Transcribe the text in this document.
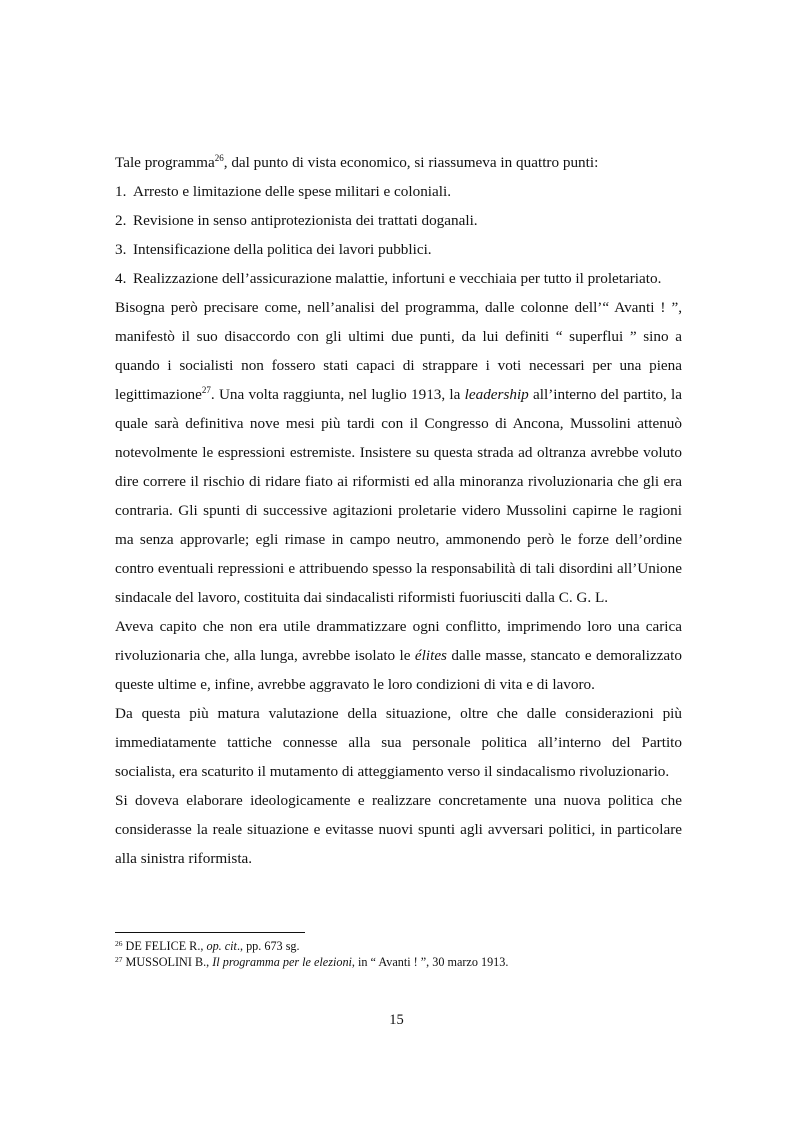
Tale programma$^{26}$, dal punto di vista economico, si riassumeva in quattro punti:

1. Arresto e limitazione delle spese militari e coloniali.

2. Revisione in senso antiprotezionista dei trattati doganali.

3. Intensificazione della politica dei lavori pubblici.

4. Realizzazione dell’assicurazione malattie, infortuni e vecchiaia per tutto il proletariato.

Bisogna però precisare come, nell’analisi del programma, dalle colonne dell’“ Avanti ! ”,

manifestò il suo disaccordo con gli ultimi due punti, da lui definiti “ superflui ” sino a

quando i socialisti non fossero stati capaci di strappare i voti necessari per una piena

legittimazione$^{27}$. Una volta raggiunta, nel luglio 1913, la leadership all’interno del partito, la

quale sarà definitiva nove mesi più tardi con il Congresso di Ancona, Mussolini attenuò

notevolmente le espressioni estremiste. Insistere su questa strada ad oltranza avrebbe voluto

dire correre il rischio di ridare fiato ai riformisti ed alla minoranza rivoluzionaria che gli era

contraria. Gli spunti di successive agitazioni proletarie videro Mussolini capirne le ragioni

ma senza approvarle; egli rimase in campo neutro, ammonendo però le forze dell’ordine

contro eventuali repressioni e attribuendo spesso la responsabilità di tali disordini all’Unione

sindacale del lavoro, costituita dai sindacalisti riformisti fuoriusciti dalla C. G. L.

Aveva capito che non era utile drammatizzare ogni conflitto, imprimendo loro una carica

rivoluzionaria che, alla lunga, avrebbe isolato le élites dalle masse, stancato e demoralizzato

queste ultime e, infine, avrebbe aggravato le loro condizioni di vita e di lavoro.

Da questa più matura valutazione della situazione, oltre che dalle considerazioni più

immediatamente tattiche connesse alla sua personale politica all’interno del Partito

socialista, era scaturito il mutamento di atteggiamento verso il sindacalismo rivoluzionario.

Si doveva elaborare ideologicamente e realizzare concretamente una nuova politica che

considerasse la reale situazione e evitasse nuovi spunti agli avversari politici, in particolare

alla sinistra riformista.

$^{26}$ DE FELICE R., op. cit., pp. 673 sg.
$^{27}$ MUSSOLINI B., Il programma per le elezioni, in “ Avanti ! ”, 30 marzo 1913.
15
